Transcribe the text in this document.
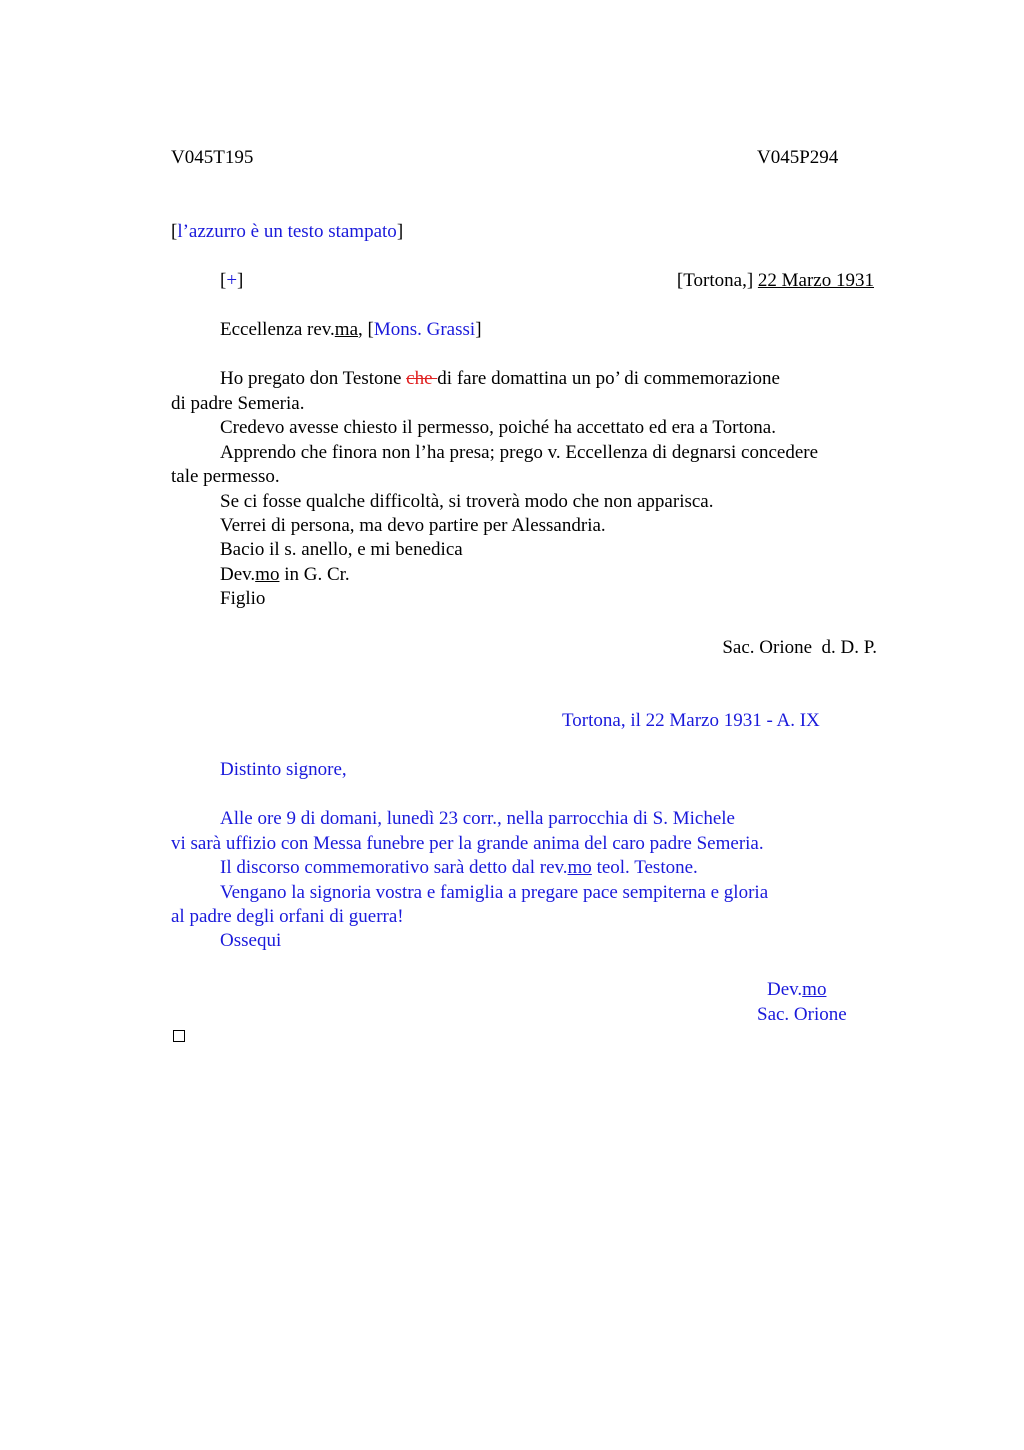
V045T195	V045P294
[l’azzurro è un testo stampato]
[+]	[Tortona,] 22 Marzo 1931
Eccellenza rev.ma, [Mons. Grassi]
Ho pregato don Testone che di fare domattina un po’ di commemorazione
di padre Semeria.
Credevo avesse chiesto il permesso, poiché ha accettato ed era a Tortona.
Apprendo che finora non l’ha presa; prego v. Eccellenza di degnarsi concedere
tale permesso.
Se ci fosse qualche difficoltà, si troverà modo che non apparisca.
Verrei di persona, ma devo partire per Alessandria.
Bacio il s. anello, e mi benedica
Dev.mo in G. Cr.
Figlio
Sac. Orione  d. D. P.
Tortona, il 22 Marzo 1931 - A. IX
Distinto signore,
Alle ore 9 di domani, lunedì 23 corr., nella parrocchia di S. Michele
vi sarà uffizio con Messa funebre per la grande anima del caro padre Semeria.
Il discorso commemorativo sarà detto dal rev.mo teol. Testone.
Vengano la signoria vostra e famiglia a pregare pace sempiterna e gloria
al padre degli orfani di guerra!
Ossequi
Dev.mo
Sac. Orione
